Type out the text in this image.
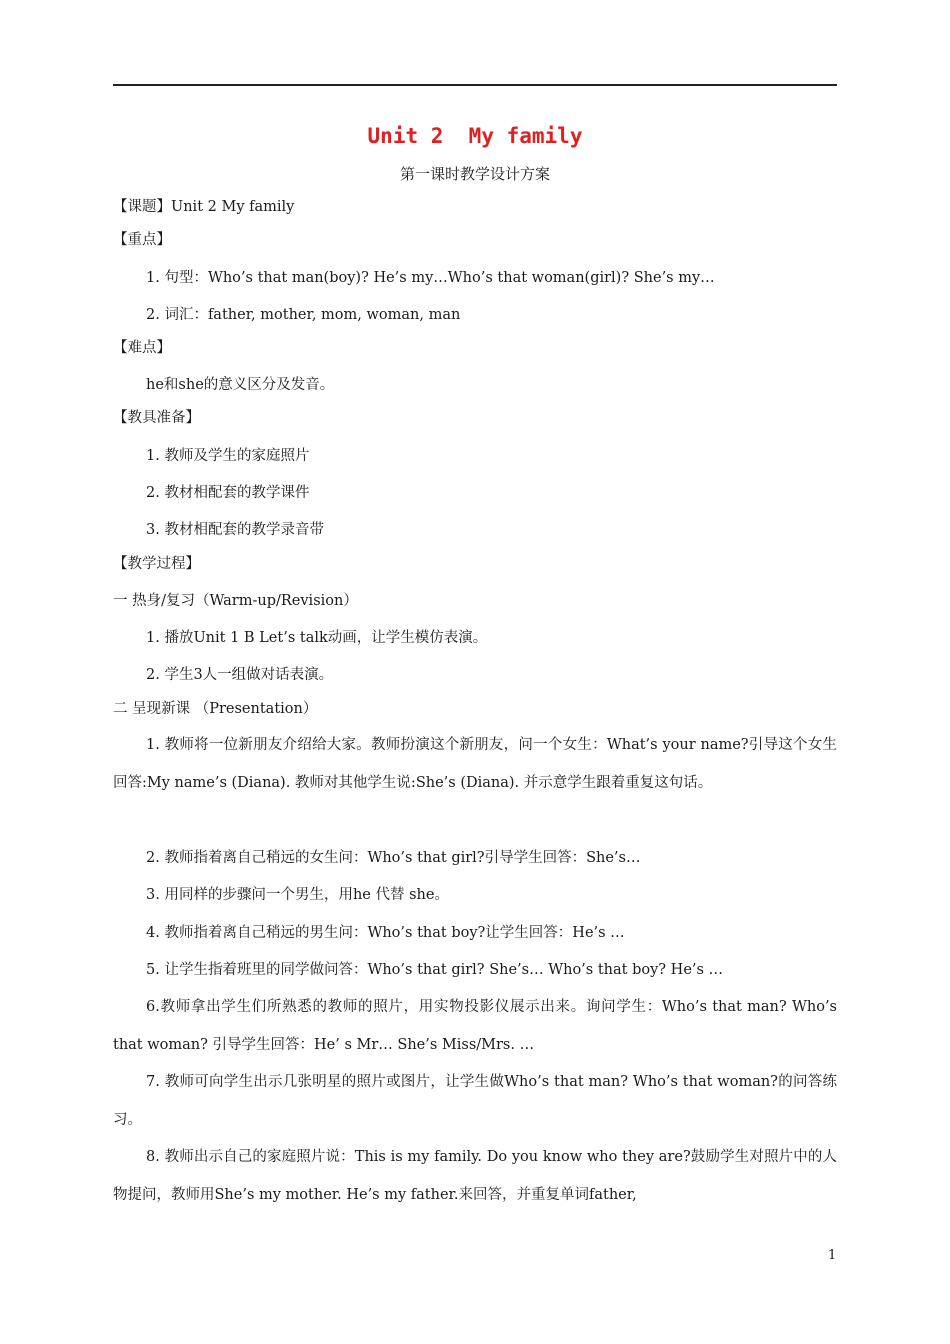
Unit 2  My family
第一课时教学设计方案
【课题】Unit 2 My family
【重点】
1. 句型：Who’s that man(boy)? He’s my…Who’s that woman(girl)? She’s my…
2. 词汇：father, mother, mom, woman, man
【难点】
he和she的意义区分及发音。
【教具准备】
1. 教师及学生的家庭照片
2. 教材相配套的教学课件
3. 教材相配套的教学录音带
【教学过程】
一 热身/复习（Warm-up/Revision）
1. 播放Unit 1 B Let’s talk动画，让学生模仿表演。
2. 学生3人一组做对话表演。
二 呈现新课 （Presentation）
1. 教师将一位新朋友介绍给大家。教师扮演这个新朋友，问一个女生：What’s your name?引导这个女生回答:My name’s (Diana). 教师对其他学生说:She’s (Diana). 并示意学生跟着重复这句话。
2. 教师指着离自己稍远的女生问：Who’s that girl?引导学生回答：She’s…
3. 用同样的步骤问一个男生，用he 代替 she。
4. 教师指着离自己稍远的男生问：Who’s that boy?让学生回答：He’s …
5. 让学生指着班里的同学做问答：Who’s that girl? She’s… Who’s that boy? He’s …
6.教师拿出学生们所熟悉的教师的照片，用实物投影仪展示出来。询问学生：Who’s that man? Who’s that woman? 引导学生回答：He’ s Mr… She’s Miss/Mrs. …
7. 教师可向学生出示几张明星的照片或图片，让学生做Who’s that man? Who’s that woman?的问答练习。
8. 教师出示自己的家庭照片说：This is my family. Do you know who they are?鼓励学生对照片中的人物提问，教师用She’s my mother. He’s my father.来回答，并重复单词father,
1
